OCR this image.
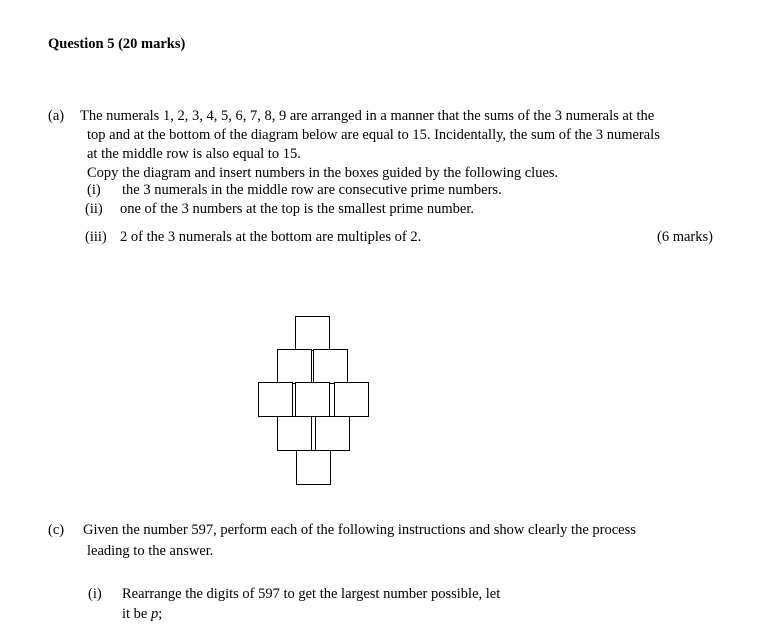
Question 5 (20 marks)
(a) The numerals 1, 2, 3, 4, 5, 6, 7, 8, 9 are arranged in a manner that the sums of the 3 numerals at the
top and at the bottom of the diagram below are equal to 15. Incidentally, the sum of the 3 numerals
at the middle row is also equal to 15.
Copy the diagram and insert numbers in the boxes guided by the following clues.
(i) the 3 numerals in the middle row are consecutive prime numbers.
(ii) one of the 3 numbers at the top is the smallest prime number.
(iii) 2 of the 3 numerals at the bottom are multiples of 2.	(6 marks)
(c) Given the number 597, perform each of the following instructions and show clearly the process
leading to the answer.
(i) Rearrange the digits of 597 to get the largest number possible, let
it be p;
